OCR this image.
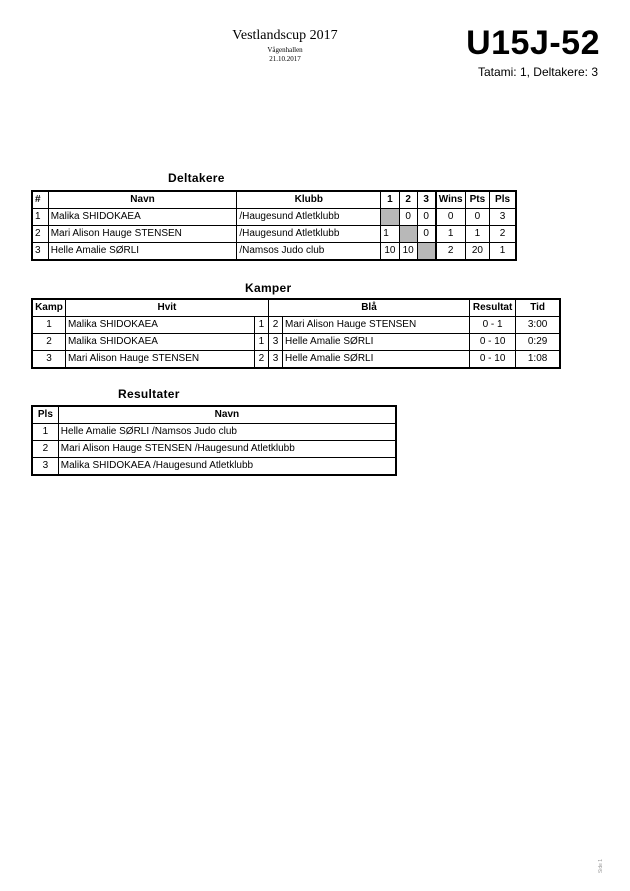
Vestlandscup 2017
Vågenhallen
21.10.2017	U15J-52
Tatami: 1, Deltakere: 3
Deltakere
#	Navn	Klubb	1	2	3	Wins	Pts	Pls
1	Malika SHIDOKAEA	/Haugesund Atletklubb		0	0	0	0	3
2	Mari Alison Hauge STENSEN	/Haugesund Atletklubb	1		0	1	1	2
3	Helle Amalie SØRLI	/Namsos Judo club	10	10		2	20	1
Kamper
Kamp	Hvit		Blå		Resultat	Tid
1	Malika SHIDOKAEA	1	2	Mari Alison Hauge STENSEN	0 - 1	3:00
2	Malika SHIDOKAEA	1	3	Helle Amalie SØRLI	0 - 10	0:29
3	Mari Alison Hauge STENSEN	2	3	Helle Amalie SØRLI	0 - 10	1:08
Resultater
Pls	Navn
1	Helle Amalie SØRLI /Namsos Judo club
2	Mari Alison Hauge STENSEN /Haugesund Atletklubb
3	Malika SHIDOKAEA /Haugesund Atletklubb
Side 1
